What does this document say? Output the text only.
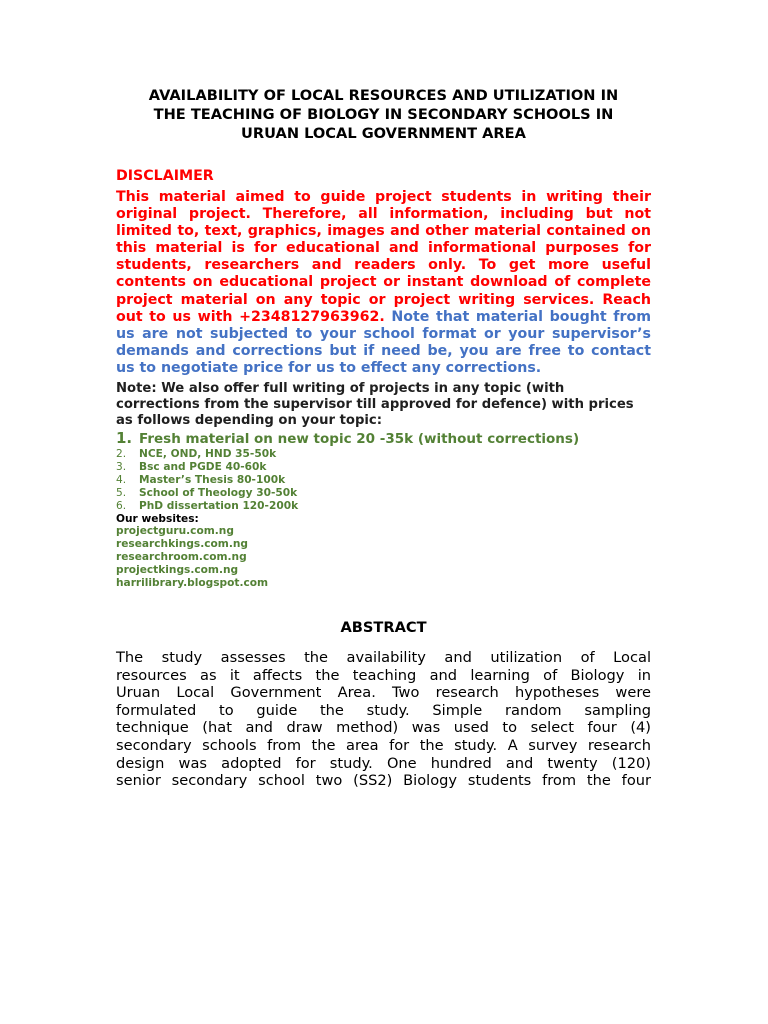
AVAILABILITY OF LOCAL RESOURCES AND UTILIZATION IN
THE TEACHING OF BIOLOGY IN SECONDARY SCHOOLS IN
URUAN LOCAL GOVERNMENT AREA
DISCLAIMER
This material aimed to guide project students in writing their original project. Therefore, all information, including but not limited to, text, graphics, images and other material contained on this material is for educational and informational purposes for students, researchers and readers only. To get more useful contents on educational project or instant download of complete project material on any topic or project writing services. Reach out to us with +2348127963962. Note that material bought from us are not subjected to your school format or your supervisor’s demands and corrections but if need be, you are free to contact us to negotiate price for us to effect any corrections.
Note: We also offer full writing of projects in any topic (with corrections from the supervisor till approved for defence) with prices as follows depending on your topic:
1. Fresh material on new topic 20 -35k (without corrections)
2. NCE, OND, HND 35-50k
3. Bsc and PGDE 40-60k
4. Master’s Thesis 80-100k
5. School of Theology 30-50k
6. PhD dissertation 120-200k
Our websites:
projectguru.com.ng
researchkings.com.ng
researchroom.com.ng
projectkings.com.ng
harrilibrary.blogspot.com
ABSTRACT
The study assesses the availability and utilization of Local
resources as it affects the teaching and learning of Biology in
Uruan Local Government Area. Two research hypotheses were
formulated to guide the study. Simple random sampling
technique (hat and draw method) was used to select four (4)
secondary schools from the area for the study. A survey research
design was adopted for study. One hundred and twenty (120)
senior secondary school two (SS2) Biology students from the four
